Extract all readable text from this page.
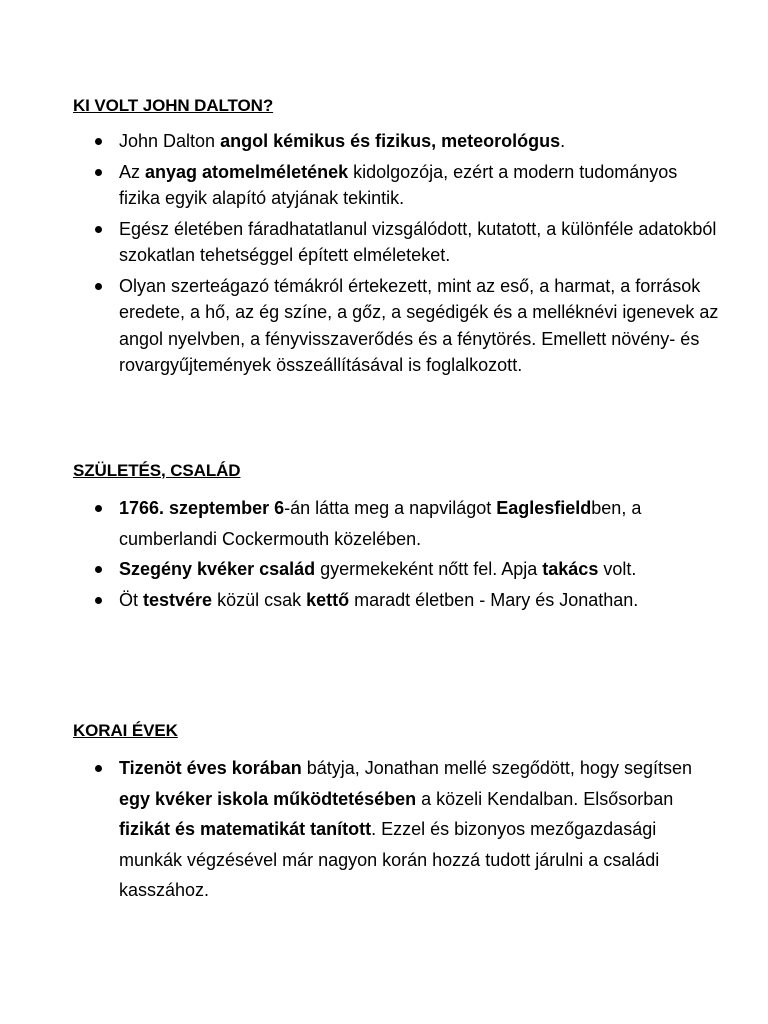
KI VOLT JOHN DALTON?
John Dalton angol kémikus és fizikus, meteorológus.
Az anyag atomelméletének kidolgozója, ezért a modern tudományos fizika egyik alapító atyjának tekintik.
Egész életében fáradhatatlanul vizsgálódott, kutatott, a különféle adatokból szokatlan tehetséggel épített elméleteket.
Olyan szerteágazó témákról értekezett, mint az eső, a harmat, a források eredete, a hő, az ég színe, a gőz, a segédigék és a melléknévi igenevek az angol nyelvben, a fényvisszaverődés és a fénytörés. Emellett növény- és rovargyűjtemények összeállításával is foglalkozott.
SZÜLETÉS, CSALÁD
1766. szeptember 6-án látta meg a napvilágot Eaglesfieldben, a cumberlandi Cockermouth közelében.
Szegény kvéker család gyermekeként nőtt fel. Apja takács volt.
Öt testvére közül csak kettő maradt életben - Mary és Jonathan.
KORAI ÉVEK
Tizenöt éves korában bátyja, Jonathan mellé szegődött, hogy segítsen egy kvéker iskola működtetésében a közeli Kendalban. Elsősorban fizikát és matematikát tanított. Ezzel és bizonyos mezőgazdasági munkák végzésével már nagyon korán hozzá tudott járulni a családi kasszához.
